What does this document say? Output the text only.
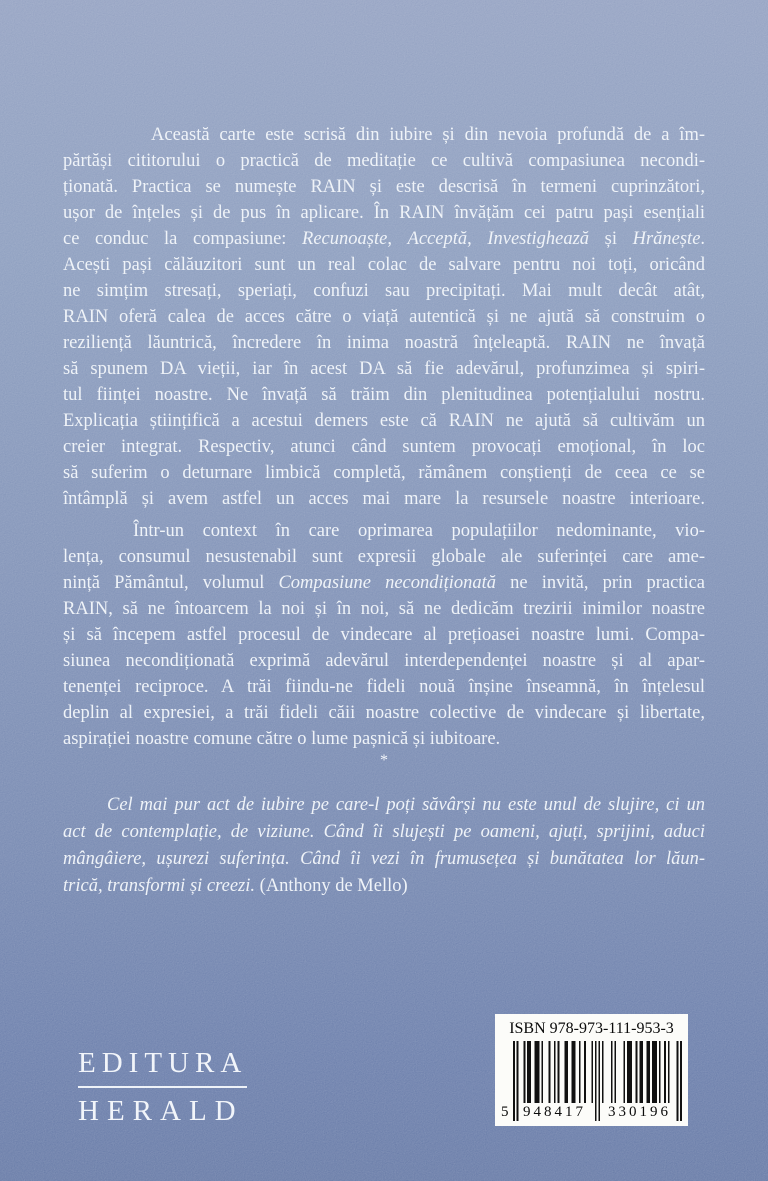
Această carte este scrisă din iubire și din nevoia profundă de a îm-
părtăși cititorului o practică de meditație ce cultivă compasiunea necondi-
ționată. Practica se numește RAIN și este descrisă în termeni cuprinzători,
ușor de înțeles și de pus în aplicare. În RAIN învățăm cei patru pași esențiali
ce conduc la compasiune: Recunoaște, Acceptă, Investighează și Hrănește.
Acești pași călăuzitori sunt un real colac de salvare pentru noi toți, oricând
ne simțim stresați, speriați, confuzi sau precipitați. Mai mult decât atât,
RAIN oferă calea de acces către o viață autentică și ne ajută să construim o
reziliență lăuntrică, încredere în inima noastră înțeleaptă. RAIN ne învață
să spunem DA vieții, iar în acest DA să fie adevărul, profunzimea și spiri-
tul ființei noastre. Ne învață să trăim din plenitudinea potențialului nostru.
Explicația științifică a acestui demers este că RAIN ne ajută să cultivăm un
creier integrat. Respectiv, atunci când suntem provocați emoțional, în loc
să suferim o deturnare limbică completă, rămânem conștienți de ceea ce se
întâmplă și avem astfel un acces mai mare la resursele noastre interioare.
Într-un context în care oprimarea populațiilor nedominante, vio-
lența, consumul nesustenabil sunt expresii globale ale suferinței care ame-
nință Pământul, volumul Compasiune necondiționată ne invită, prin practica
RAIN, să ne întoarcem la noi și în noi, să ne dedicăm trezirii inimilor noastre
și să începem astfel procesul de vindecare al prețioasei noastre lumi. Compa-
siunea necondiționată exprimă adevărul interdependenței noastre și al apar-
tenenței reciproce. A trăi fiindu-ne fideli nouă înșine înseamnă, în înțelesul
deplin al expresiei, a trăi fideli căii noastre colective de vindecare și libertate,
aspirației noastre comune către o lume pașnică și iubitoare.
*
Cel mai pur act de iubire pe care-l poți săvârși nu este unul de slujire, ci un
act de contemplație, de viziune. Când îi slujești pe oameni, ajuți, sprijini, aduci
mângâiere, ușurezi suferința. Când îi vezi în frumusețea și bunătatea lor lăun-
trică, transformi și creezi. (Anthony de Mello)
EDITURA
HERALD
ISBN 978-973-111-953-3
5 948417	330196
